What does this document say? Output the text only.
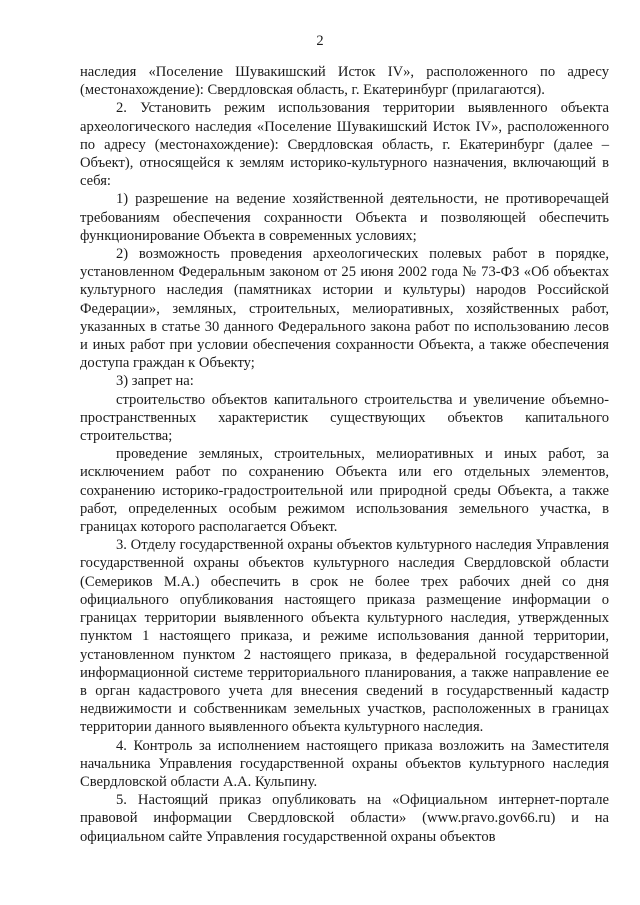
2

наследия «Поселение Шувакишский Исток IV», расположенного по адресу (местонахождение): Свердловская область, г. Екатеринбург (прилагаются).

2. Установить режим использования территории выявленного объекта археологического наследия «Поселение Шувакишский Исток IV», расположенного по адресу (местонахождение): Свердловская область, г. Екатеринбург (далее – Объект), относящейся к землям историко-культурного назначения, включающий в себя:

1) разрешение на ведение хозяйственной деятельности, не противоречащей требованиям обеспечения сохранности Объекта и позволяющей обеспечить функционирование Объекта в современных условиях;

2) возможность проведения археологических полевых работ в порядке, установленном Федеральным законом от 25 июня 2002 года № 73-ФЗ «Об объектах культурного наследия (памятниках истории и культуры) народов Российской Федерации», земляных, строительных, мелиоративных, хозяйственных работ, указанных в статье 30 данного Федерального закона работ по использованию лесов и иных работ при условии обеспечения сохранности Объекта, а также обеспечения доступа граждан к Объекту;

3) запрет на:

строительство объектов капитального строительства и увеличение объемно-пространственных характеристик существующих объектов капитального строительства;

проведение земляных, строительных, мелиоративных и иных работ, за исключением работ по сохранению Объекта или его отдельных элементов, сохранению историко-градостроительной или природной среды Объекта, а также работ, определенных особым режимом использования земельного участка, в границах которого располагается Объект.

3. Отделу государственной охраны объектов культурного наследия Управления государственной охраны объектов культурного наследия Свердловской области (Семериков М.А.) обеспечить в срок не более трех рабочих дней со дня официального опубликования настоящего приказа размещение информации о границах территории выявленного объекта культурного наследия, утвержденных пунктом 1 настоящего приказа, и режиме использования данной территории, установленном пунктом 2 настоящего приказа, в федеральной государственной информационной системе территориального планирования, а также направление ее в орган кадастрового учета для внесения сведений в государственный кадастр недвижимости и собственникам земельных участков, расположенных в границах территории данного выявленного объекта культурного наследия.

4. Контроль за исполнением настоящего приказа возложить на Заместителя начальника Управления государственной охраны объектов культурного наследия Свердловской области А.А. Кульпину.

5. Настоящий приказ опубликовать на «Официальном интернет-портале правовой информации Свердловской области» (www.pravo.gov66.ru) и на официальном сайте Управления государственной охраны объектов
